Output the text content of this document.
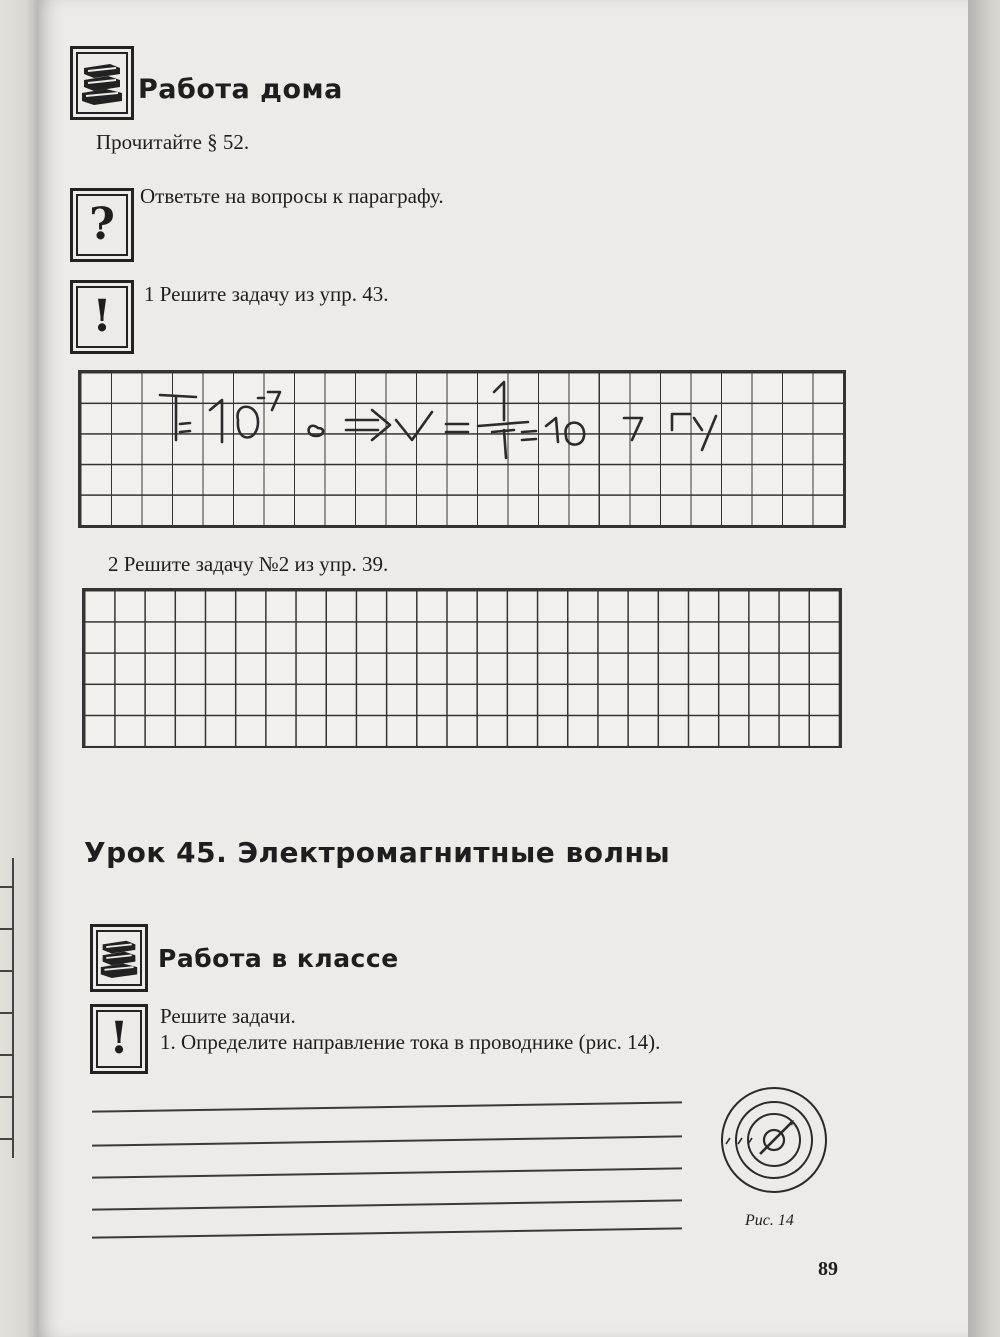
Работа дома
Прочитайте § 52.
?
Ответьте на вопросы к параграфу.
! 1 Решите задачу из упр. 43.
2 Решите задачу №2 из упр. 39.
Урок 45. Электромагнитные волны
Работа в классе
! Решите задачи.
1. Определите направление тока в проводнике (рис. 14).
Рис. 14
89
